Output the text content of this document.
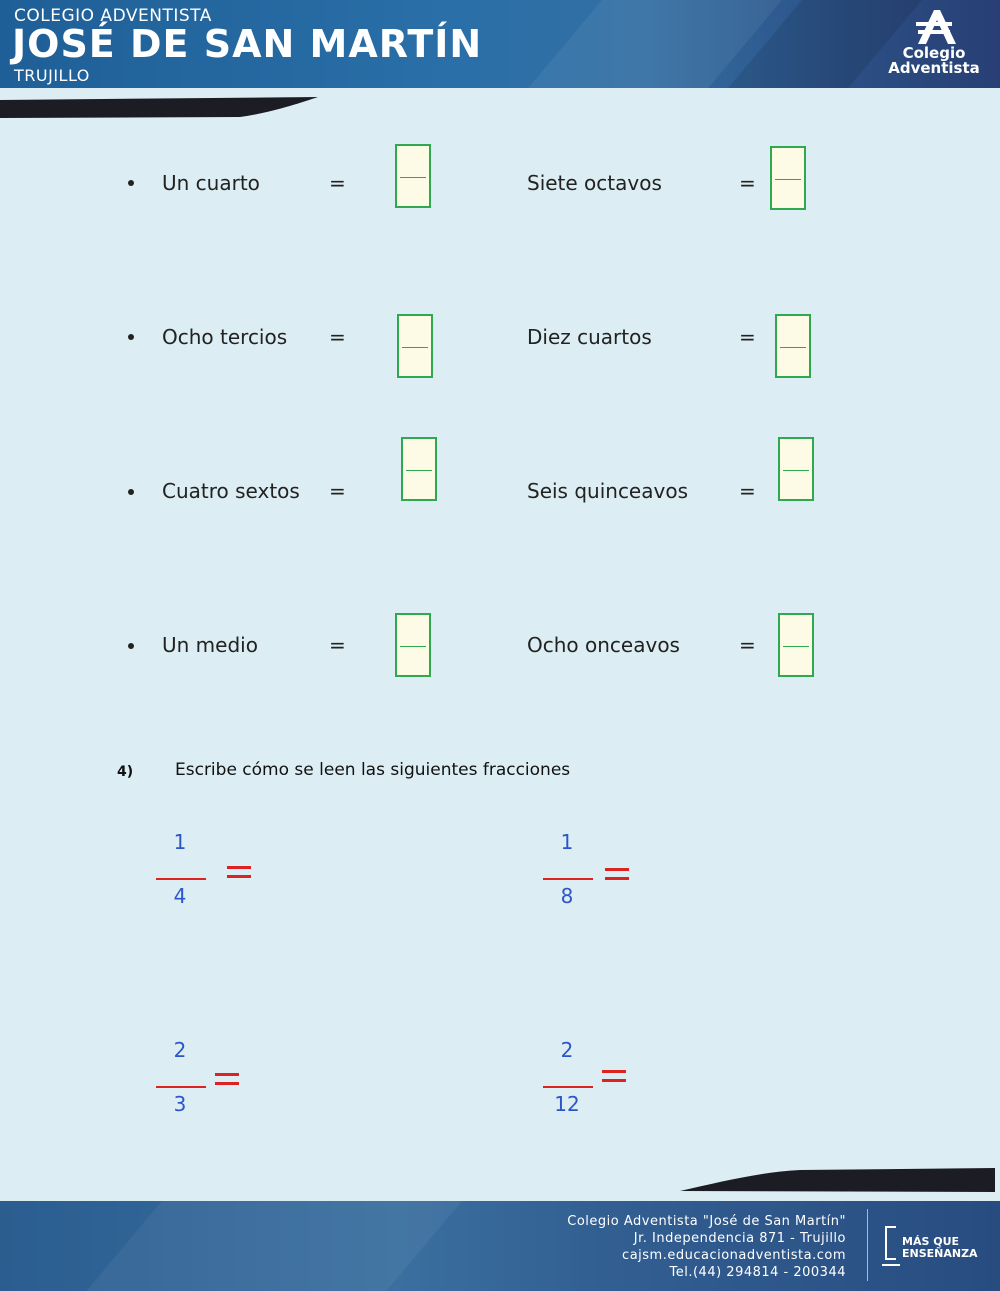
COLEGIO ADVENTISTA
JOSÉ DE SAN MARTÍN
TRUJILLO
Colegio
Adventista
Un cuarto	=	Siete octavos	=
Ocho tercios =	Diez cuartos	=
Cuatro sextos =	Seis quinceavos	=
Un medio	=	Ocho onceavos	=
4) Escribe cómo se leen las siguientes fracciones
1
4
1
8
2
3
2
12
Colegio Adventista "José de San Martín"
Jr. Independencia 871 - Trujillo
cajsm.educacionadventista.com
Tel.(44) 294814 - 200344
MÁS QUE
ENSEÑANZA
